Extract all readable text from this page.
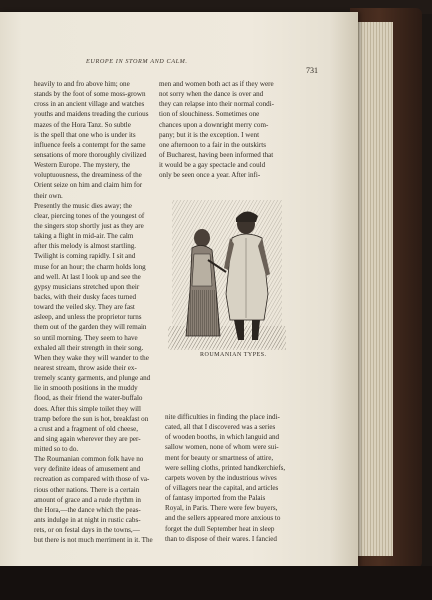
EUROPE IN STORM AND CALM.
731
heavily to and fro above him; one
stands by the foot of some moss-grown
cross in an ancient village and watches
youths and maidens treading the curious
mazes of the Hora Tanz. So subtle
is the spell that one who is under its
influence feels a contempt for the same
sensations of more thoroughly civilized
Western Europe. The mystery, the
voluptuousness, the dreaminess of the
Orient seize on him and claim him for
their own.
Presently the music dies away; the
clear, piercing tones of the youngest of
the singers stop shortly just as they are
taking a flight in mid-air. The calm
after this melody is almost startling.
Twilight is coming rapidly. I sit and
muse for an hour; the charm holds long
and well. At last I look up and see the
gypsy musicians stretched upon their
backs, with their dusky faces turned
toward the veiled sky. They are fast
asleep, and unless the proprietor turns
them out of the garden they will remain
so until morning. They seem to have
exhaled all their strength in their song.
When they wake they will wander to the
nearest stream, throw aside their ex-
tremely scanty garments, and plunge and
lie in smooth positions in the muddy
flood, as their friend the water-buffalo
does. After this simple toilet they will
tramp before the sun is hot, breakfast on
a crust and a fragment of old cheese,
and sing again wherever they are per-
mitted so to do.
The Roumanian common folk have no
very definite ideas of amusement and
recreation as compared with those of va-
rious other nations. There is a certain
amount of grace and a rude rhythm in
the Hora,—the dance which the peas-
ants indulge in at night in rustic cabs-
rets, or on festal days in the towns,—
but there is not much merriment in it. The
men and women both act as if they were
not sorry when the dance is over and
they can relapse into their normal condi-
tion of slouchiness. Sometimes one
chances upon a downright merry com-
pany; but it is the exception. I went
one afternoon to a fair in the outskirts
of Bucharest, having been informed that
it would be a gay spectacle and could
only be seen once a year. After infi-
ROUMANIAN TYPES.
nite difficulties in finding the place indi-
cated, all that I discovered was a series
of wooden booths, in which languid and
sallow women, none of whom were sui-
ment for beauty or smartness of attire,
were selling cloths, printed handkerchiefs,
carpets woven by the industrious wives
of villagers near the capital, and articles
of fantasy imported from the Palais
Royal, in Paris. There were few buyers,
and the sellers appeared more anxious to
forget the dull September heat in sleep
than to dispose of their wares. I fancied
